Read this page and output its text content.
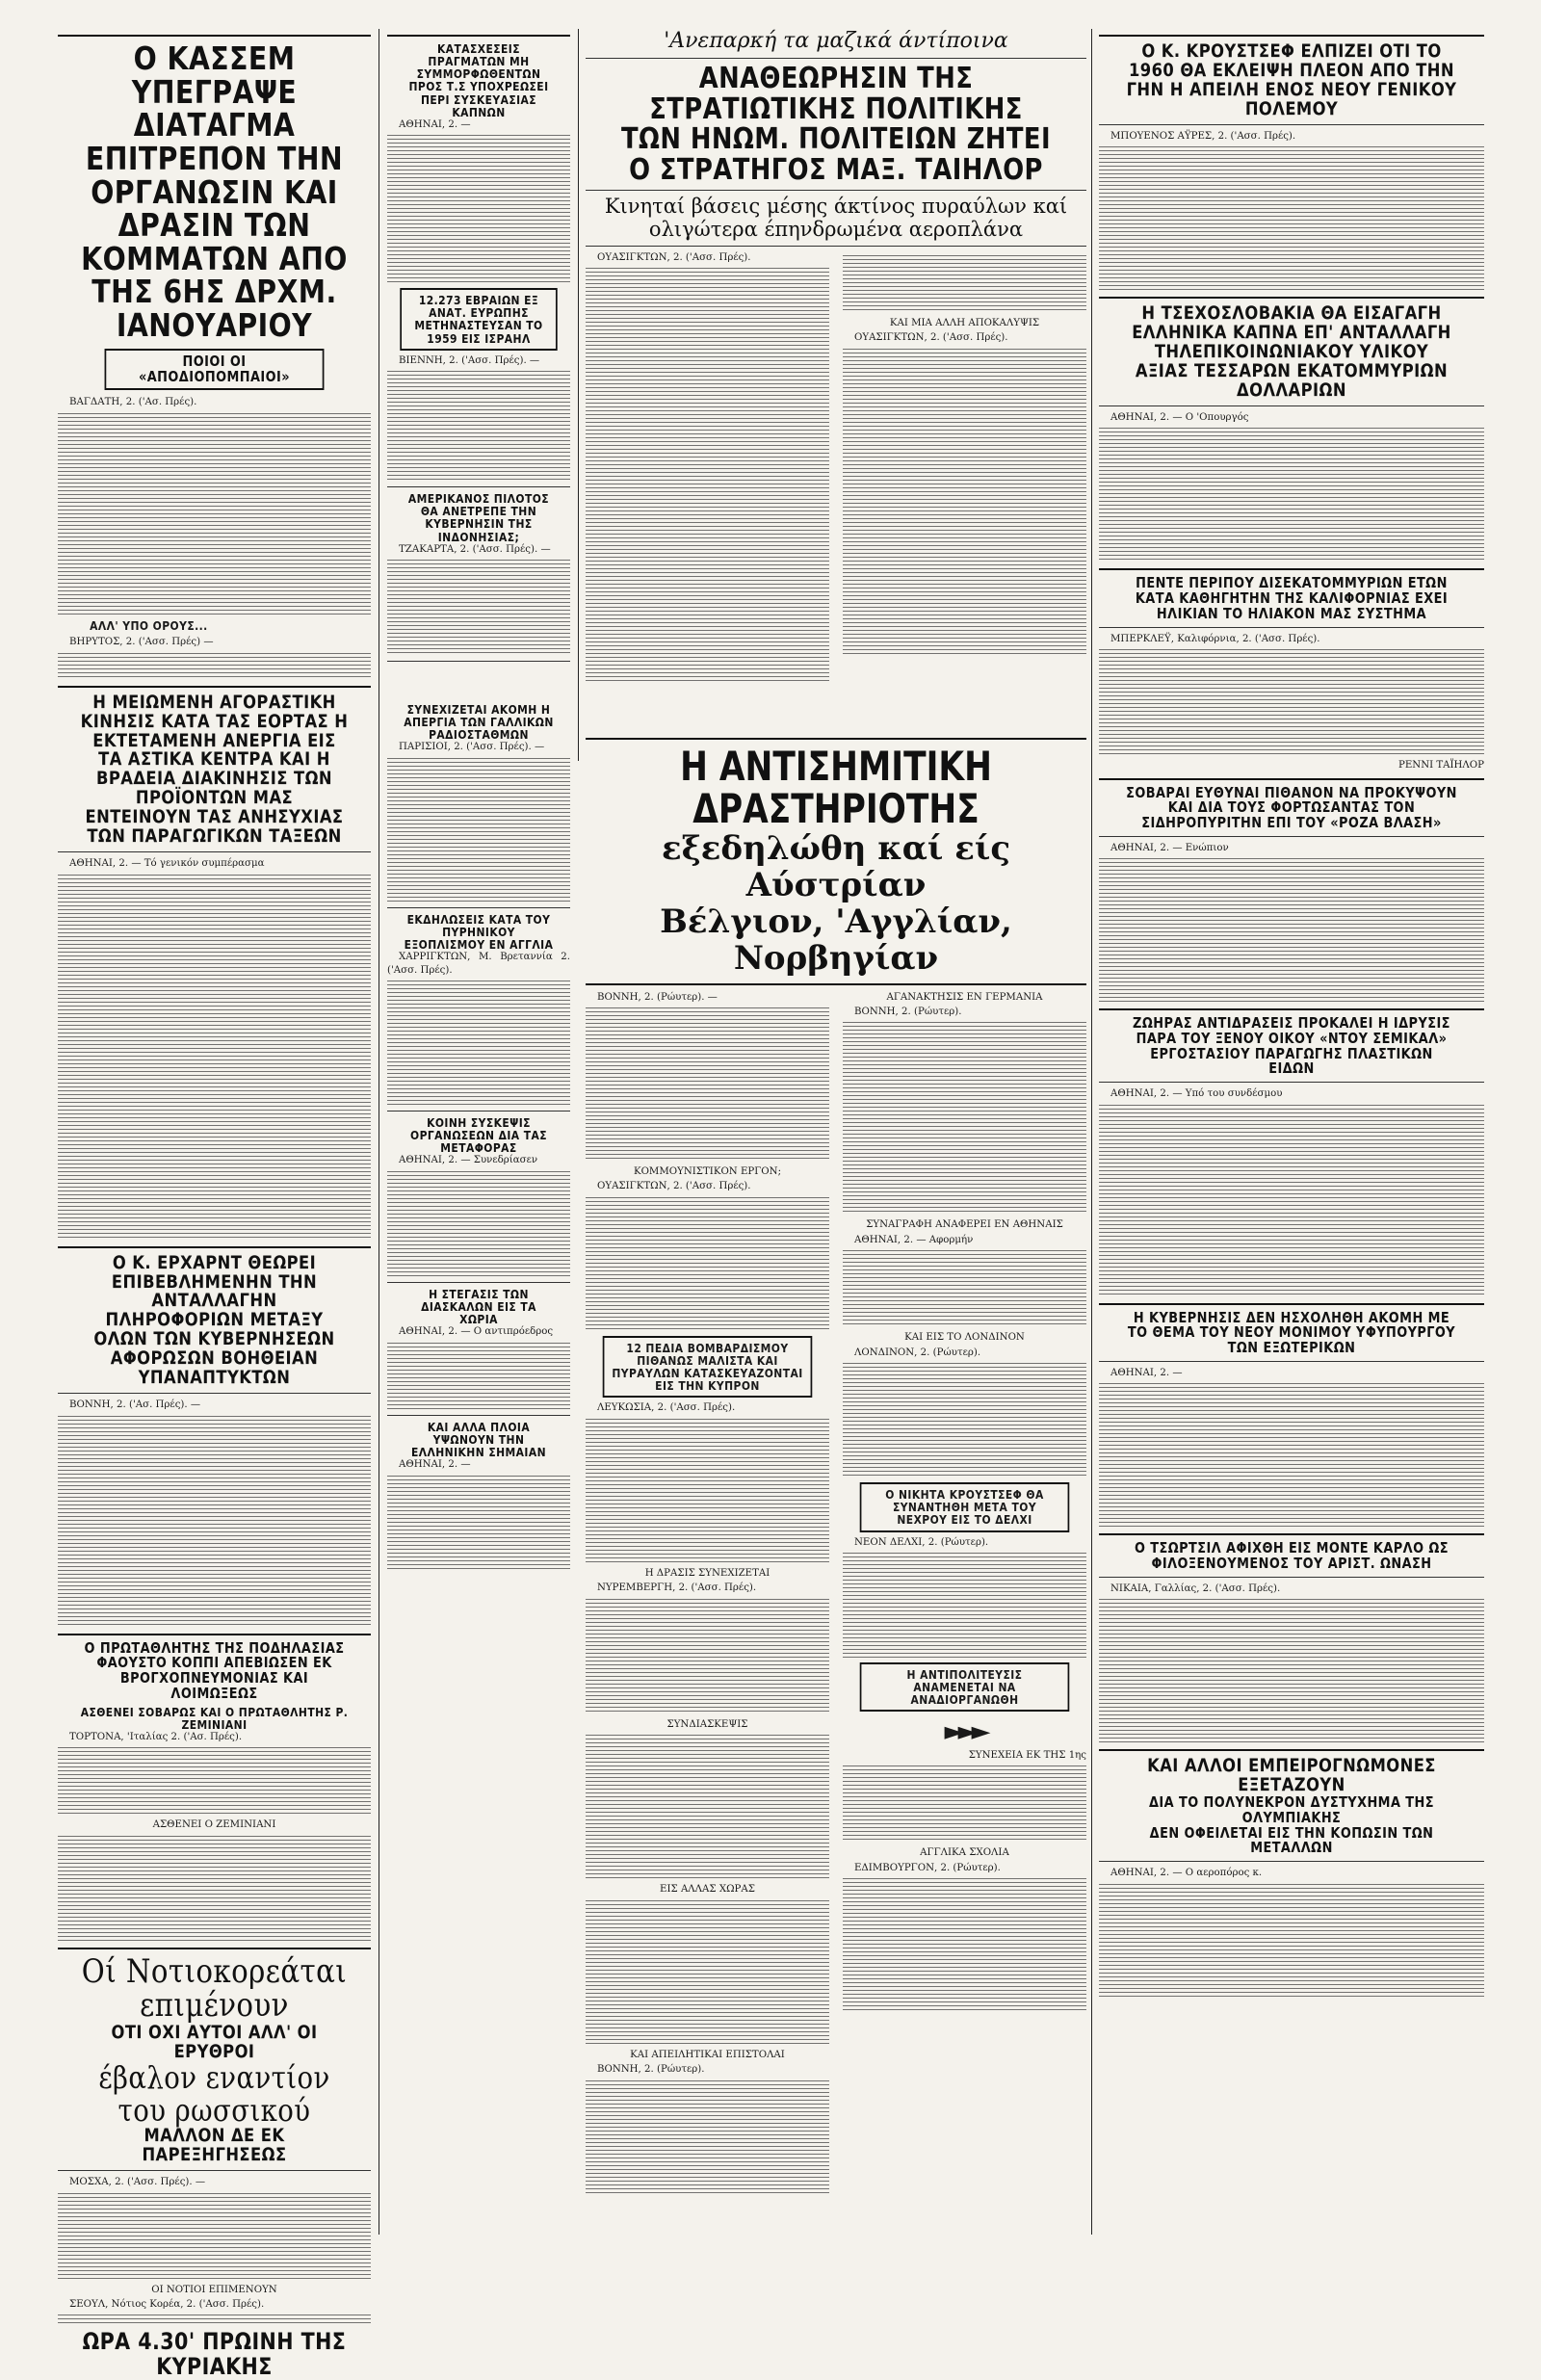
Ο ΚΑΣΣΕΜ ΥΠΕΓΡΑΨΕ ΔΙΑΤΑΓΜΑ ΕΠΙΤΡΕΠΟΝ ΤΗΝ ΟΡΓΑΝΩΣΙΝ ΚΑΙ ΔΡΑΣΙΝ ΤΩΝ ΚΟΜΜΑΤΩΝ ΑΠΟ ΤΗΣ 6ΗΣ ΔΡΧΜ. ΙΑΝΟΥΑΡΙΟΥ
ΠΟΙΟΙ ΟΙ «ΑΠΟΔΙΟΠΟΜΠΑΙΟΙ»

ΒΑΓΔΑΤΗ, 2. ('Ασ. Πρές).

ΑΛΛ' ΥΠΟ ΟΡΟΥΣ...

ΒΗΡΥΤΟΣ, 2. ('Ασσ. Πρές) —

Η ΜΕΙΩΜΕΝΗ ΑΓΟΡΑΣΤΙΚΗ ΚΙΝΗΣΙΣ ΚΑΤΑ ΤΑΣ ΕΟΡΤΑΣ Η ΕΚΤΕΤΑΜΕΝΗ ΑΝΕΡΓΙΑ ΕΙΣ ΤΑ ΑΣΤΙΚΑ ΚΕΝΤΡΑ ΚΑΙ Η ΒΡΑΔΕΙΑ ΔΙΑΚΙΝΗΣΙΣ ΤΩΝ ΠΡΟΪΟΝΤΩΝ ΜΑΣ ΕΝΤΕΙΝΟΥΝ ΤΑΣ ΑΝΗΣΥΧΙΑΣ ΤΩΝ ΠΑΡΑΓΩΓΙΚΩΝ ΤΑΞΕΩΝ

ΑΘΗΝΑΙ, 2. — Τό γενικόν συμπέρασμα

Ο Κ. ΕΡΧΑΡΝΤ ΘΕΩΡΕΙ ΕΠΙΒΕΒΛΗΜΕΝΗΝ ΤΗΝ ΑΝΤΑΛΛΑΓΗΝ ΠΛΗΡΟΦΟΡΙΩΝ ΜΕΤΑΞΥ ΟΛΩΝ ΤΩΝ ΚΥΒΕΡΝΗΣΕΩΝ ΑΦΟΡΩΣΩΝ ΒΟΗΘΕΙΑΝ ΥΠΑΝΑΠΤΥΚΤΩΝ

ΒΟΝΝΗ, 2. ('Ασ. Πρές). —

Ο ΠΡΩΤΑΘΛΗΤΗΣ ΤΗΣ ΠΟΔΗΛΑΣΙΑΣ ΦΑΟΥΣΤΟ ΚΟΠΠΙ ΑΠΕΒΙΩΣΕΝ ΕΚ ΒΡΟΓΧΟΠΝΕΥΜΟΝΙΑΣ ΚΑΙ ΛΟΙΜΩΞΕΩΣ
ΑΣΘΕΝΕΙ ΣΟΒΑΡΩΣ ΚΑΙ Ο ΠΡΩΤΑΘΛΗΤΗΣ Ρ. ΖΕΜΙΝΙΑΝΙ

ΤΟΡΤΟΝΑ, 'Ιταλίας 2. ('Ασ. Πρές).

ΑΣΘΕΝΕΙ Ο ΖΕΜΙΝΙΑΝΙ

Οί Νοτιοκορεάται επιμένουν
ΟΤΙ ΟΧΙ ΑΥΤΟΙ ΑΛΛ' ΟΙ ΕΡΥΘΡΟΙ
έβαλον εναντίον του ρωσσικού
ΜΑΛΛΟΝ ΔΕ ΕΚ ΠΑΡΕΞΗΓΗΣΕΩΣ

ΜΟΣΧΑ, 2. ('Ασσ. Πρές). —

ΟΙ ΝΟΤΙΟΙ ΕΠΙΜΕΝΟΥΝ

ΣΕΟΥΛ, Νότιος Κορέα, 2. ('Ασσ. Πρές).

ΩΡΑ 4.30' ΠΡΩΙΝΗ ΤΗΣ ΚΥΡΙΑΚΗΣ
ΚΑΤΑΣΧΕΣΕΙΣ ΠΡΑΓΜΑΤΩΝ ΜΗ ΣΥΜΜΟΡΦΩΘΕΝΤΩΝ ΠΡΟΣ Τ.Σ ΥΠΟΧΡΕΩΣΕΙ ΠΕΡΙ ΣΥΣΚΕΥΑΣΙΑΣ ΚΑΠΝΩΝ

ΑΘΗΝΑΙ, 2. —

12.273 ΕΒΡΑΙΩΝ ΕΞ ΑΝΑΤ. ΕΥΡΩΠΗΣ ΜΕΤΗΝΑΣΤΕΥΣΑΝ ΤΟ 1959 ΕΙΣ ΙΣΡΑΗΛ

ΒΙΕΝΝΗ, 2. ('Ασσ. Πρές). —

ΑΜΕΡΙΚΑΝΟΣ ΠΙΛΟΤΟΣ ΘΑ ΑΝΕΤΡΕΠΕ ΤΗΝ ΚΥΒΕΡΝΗΣΙΝ ΤΗΣ ΙΝΔΟΝΗΣΙΑΣ;

ΤΖΑΚΑΡΤΑ, 2. ('Ασσ. Πρές). —

ΣΥΝΕΧΙΖΕΤΑΙ ΑΚΟΜΗ Η ΑΠΕΡΓΙΑ ΤΩΝ ΓΑΛΛΙΚΩΝ ΡΑΔΙΟΣΤΑΘΜΩΝ

ΠΑΡΙΣΙΟΙ, 2. ('Ασσ. Πρές). —

ΕΚΔΗΛΩΣΕΙΣ ΚΑΤΑ ΤΟΥ ΠΥΡΗΝΙΚΟΥ ΕΞΟΠΛΙΣΜΟΥ ΕΝ ΑΓΓΛΙΑ

ΧΑΡΡΙΓΚΤΩΝ, Μ. Βρεταννία 2. ('Ασσ. Πρές).

ΚΟΙΝΗ ΣΥΣΚΕΨΙΣ ΟΡΓΑΝΩΣΕΩΝ ΔΙΑ ΤΑΣ ΜΕΤΑΦΟΡΑΣ

ΑΘΗΝΑΙ, 2. — Συνεδρίασεν

Η ΣΤΕΓΑΣΙΣ ΤΩΝ ΔΙΑΣΚΑΛΩΝ ΕΙΣ ΤΑ ΧΩΡΙΑ

ΑΘΗΝΑΙ, 2. — Ο αντιπρόεδρος

ΚΑΙ ΑΛΛΑ ΠΛΟΙΑ ΥΨΩΝΟΥΝ ΤΗΝ ΕΛΛΗΝΙΚΗΝ ΣΗΜΑΙΑΝ

ΑΘΗΝΑΙ, 2. —

'Ανεπαρκή τα μαζικά άντίποινα
ΑΝΑΘΕΩΡΗΣΙΝ ΤΗΣ ΣΤΡΑΤΙΩΤΙΚΗΣ ΠΟΛΙΤΙΚΗΣ ΤΩΝ ΗΝΩΜ. ΠΟΛΙΤΕΙΩΝ ΖΗΤΕΙ Ο ΣΤΡΑΤΗΓΟΣ ΜΑΞ. ΤΑΙΗΛΟΡ
Κινηταί βάσεις μέσης άκτίνος πυραύλων καί ολιγώτερα έπηνδρωμένα αεροπλάνα

ΟΥΑΣΙΓΚΤΩΝ, 2. ('Ασσ. Πρές).

ΚΑΙ ΜΙΑ ΑΛΛΗ ΑΠΟΚΑΛΥΨΙΣ

ΟΥΑΣΙΓΚΤΩΝ, 2. ('Ασσ. Πρές).

Η ΑΝΤΙΣΗΜΙΤΙΚΗ ΔΡΑΣΤΗΡΙΟΤΗΣ
εξεδηλώθη καί είς Αύστρίαν
Βέλγιον, 'Αγγλίαν, Νορβηγίαν

ΒΟΝΝΗ, 2. (Ρώυτερ). —

ΚΟΜΜΟΥΝΙΣΤΙΚΟΝ ΕΡΓΟΝ;

ΟΥΑΣΙΓΚΤΩΝ, 2. ('Ασσ. Πρές).

12 ΠΕΔΙΑ ΒΟΜΒΑΡΔΙΣΜΟΥ ΠΙΘΑΝΩΣ ΜΑΛΙΣΤΑ ΚΑΙ ΠΥΡΑΥΛΩΝ ΚΑΤΑΣΚΕΥΑΖΟΝΤΑΙ ΕΙΣ ΤΗΝ ΚΥΠΡΟΝ

ΛΕΥΚΩΣΙΑ, 2. ('Ασσ. Πρές).

Η ΔΡΑΣΙΣ ΣΥΝΕΧΙΖΕΤΑΙ

ΝΥΡΕΜΒΕΡΓΗ, 2. ('Ασσ. Πρές).

ΣΥΝΔΙΑΣΚΕΨΙΣ

ΕΙΣ ΑΛΛΑΣ ΧΩΡΑΣ

ΚΑΙ ΑΠΕΙΛΗΤΙΚΑΙ ΕΠΙΣΤΟΛΑΙ

ΒΟΝΝΗ, 2. (Ρώυτερ).

ΑΓΑΝΑΚΤΗΣΙΣ ΕΝ ΓΕΡΜΑΝΙΑ

ΒΟΝΝΗ, 2. (Ρώυτερ).

ΣΥΝΑΓΡΑΦΗ ΑΝΑΦΕΡΕΙ ΕΝ ΑΘΗΝΑΙΣ

ΑΘΗΝΑΙ, 2. — Αφορμήν

ΚΑΙ ΕΙΣ ΤΟ ΛΟΝΔΙΝΟΝ

ΛΟΝΔΙΝΟΝ, 2. (Ρώυτερ).

Ο ΝΙΚΗΤΑ ΚΡΟΥΣΤΣΕΦ ΘΑ ΣΥΝΑΝΤΗΘΗ ΜΕΤΑ ΤΟΥ ΝΕΧΡΟΥ ΕΙΣ ΤΟ ΔΕΛΧΙ

ΝΕΟΝ ΔΕΛΧΙ, 2. (Ρώυτερ).

Η ΑΝΤΙΠΟΛΙΤΕΥΣΙΣ ΑΝΑΜΕΝΕΤΑΙ ΝΑ ΑΝΑΔΙΟΡΓΑΝΩΘΗ
►►►

ΣΥΝΕΧΕΙΑ ΕΚ ΤΗΣ 1ης

ΑΓΓΛΙΚΑ ΣΧΟΛΙΑ

ΕΔΙΜΒΟΥΡΓΟΝ, 2. (Ρώυτερ).

Ο Κ. ΚΡΟΥΣΤΣΕΦ ΕΛΠΙΖΕΙ ΟΤΙ ΤΟ 1960 ΘΑ ΕΚΛΕΙΨΗ ΠΛΕΟΝ ΑΠΟ ΤΗΝ ΓΗΝ Η ΑΠΕΙΛΗ ΕΝΟΣ ΝΕΟΥ ΓΕΝΙΚΟΥ ΠΟΛΕΜΟΥ

ΜΠΟΥΕΝΟΣ ΑΫΡΕΣ, 2. ('Ασσ. Πρές).

Η ΤΣΕΧΟΣΛΟΒΑΚΙΑ ΘΑ ΕΙΣΑΓΑΓΗ ΕΛΛΗΝΙΚΑ ΚΑΠΝΑ ΕΠ' ΑΝΤΑΛΛΑΓΗ ΤΗΛΕΠΙΚΟΙΝΩΝΙΑΚΟΥ ΥΛΙΚΟΥ ΑΞΙΑΣ ΤΕΣΣΑΡΩΝ ΕΚΑΤΟΜΜΥΡΙΩΝ ΔΟΛΛΑΡΙΩΝ

ΑΘΗΝΑΙ, 2. — Ο 'Οπουργός

ΠΕΝΤΕ ΠΕΡΙΠΟΥ ΔΙΣΕΚΑΤΟΜΜΥΡΙΩΝ ΕΤΩΝ ΚΑΤΑ ΚΑΘΗΓΗΤΗΝ ΤΗΣ ΚΑΛΙΦΟΡΝΙΑΣ ΕΧΕΙ ΗΛΙΚΙΑΝ ΤΟ ΗΛΙΑΚΟΝ ΜΑΣ ΣΥΣΤΗΜΑ

ΜΠΕΡΚΛΕΫ, Καλιφόρνια, 2. ('Ασσ. Πρές).

ΡΕΝΝΙ ΤΑΪΗΛΟΡ

ΣΟΒΑΡΑΙ ΕΥΘΥΝΑΙ ΠΙΘΑΝΟΝ ΝΑ ΠΡΟΚΥΨΟΥΝ ΚΑΙ ΔΙΑ ΤΟΥΣ ΦΟΡΤΩΣΑΝΤΑΣ ΤΟΝ ΣΙΔΗΡΟΠΥΡΙΤΗΝ ΕΠΙ ΤΟΥ «ΡΟΖΑ ΒΛΑΣΗ»

ΑΘΗΝΑΙ, 2. — Ενώπιον

ΖΩΗΡΑΣ ΑΝΤΙΔΡΑΣΕΙΣ ΠΡΟΚΑΛΕΙ Η ΙΔΡΥΣΙΣ ΠΑΡΑ ΤΟΥ ΞΕΝΟΥ ΟΙΚΟΥ «ΝΤΟΥ ΣΕΜΙΚΑΛ» ΕΡΓΟΣΤΑΣΙΟΥ ΠΑΡΑΓΩΓΗΣ ΠΛΑΣΤΙΚΩΝ ΕΙΔΩΝ

ΑΘΗΝΑΙ, 2. — Υπό του συνδέσμου

Η ΚΥΒΕΡΝΗΣΙΣ ΔΕΝ ΗΣΧΟΛΗΘΗ ΑΚΟΜΗ ΜΕ ΤΟ ΘΕΜΑ ΤΟΥ ΝΕΟΥ ΜΟΝΙΜΟΥ ΥΦΥΠΟΥΡΓΟΥ ΤΩΝ ΕΞΩΤΕΡΙΚΩΝ

ΑΘΗΝΑΙ, 2. —

Ο ΤΣΩΡΤΣΙΛ ΑΦΙΧΘΗ ΕΙΣ ΜΟΝΤΕ ΚΑΡΛΟ ΩΣ ΦΙΛΟΞΕΝΟΥΜΕΝΟΣ ΤΟΥ ΑΡΙΣΤ. ΩΝΑΣΗ

ΝΙΚΑΙΑ, Γαλλίας, 2. ('Ασσ. Πρές).

ΚΑΙ ΑΛΛΟΙ ΕΜΠΕΙΡΟΓΝΩΜΟΝΕΣ ΕΞΕΤΑΖΟΥΝ
ΔΙΑ ΤΟ ΠΟΛΥΝΕΚΡΟΝ ΔΥΣΤΥΧΗΜΑ ΤΗΣ ΟΛΥΜΠΙΑΚΗΣ
ΔΕΝ ΟΦΕΙΛΕΤΑΙ ΕΙΣ ΤΗΝ ΚΟΠΩΣΙΝ ΤΩΝ ΜΕΤΑΛΛΩΝ

ΑΘΗΝΑΙ, 2. — Ο αεροπόρος κ.
